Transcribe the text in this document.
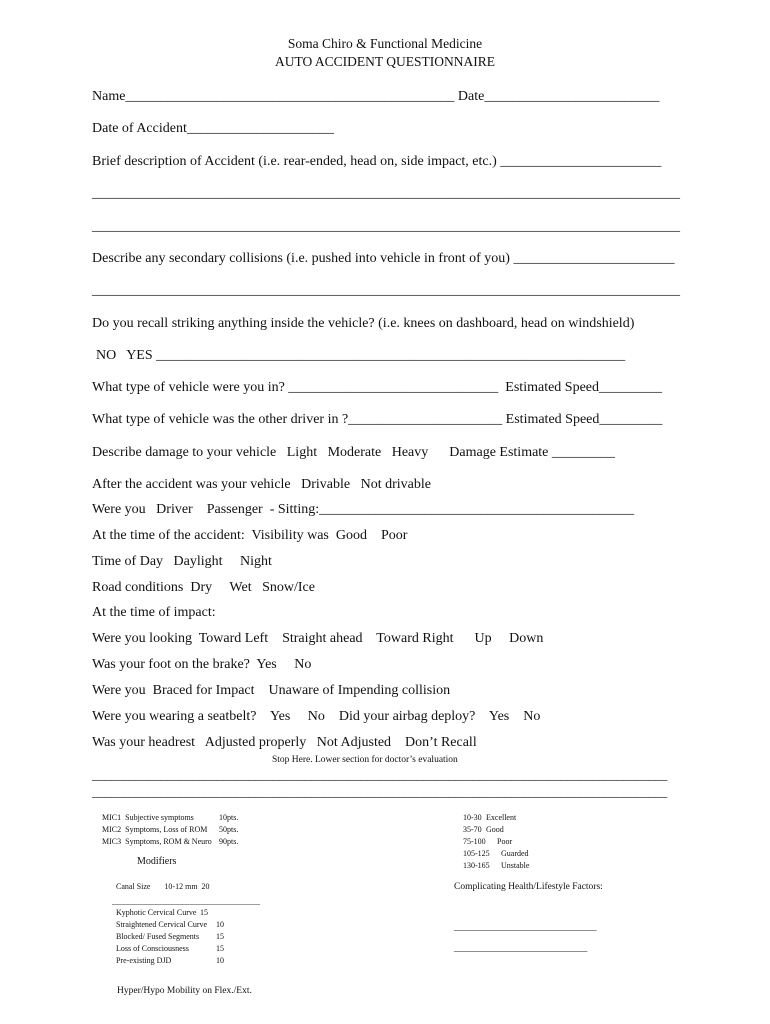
Soma Chiro & Functional Medicine
AUTO ACCIDENT QUESTIONNAIRE
Name_______________________________________________ Date_________________________
Date of Accident_____________________
Brief description of Accident (i.e. rear-ended, head on, side impact, etc.) _______________________
____________________________________________________________________________________
____________________________________________________________________________________
Describe any secondary collisions (i.e. pushed into vehicle in front of you) _______________________
____________________________________________________________________________________
Do you recall striking anything inside the vehicle? (i.e. knees on dashboard, head on windshield)
NO   YES ___________________________________________________________________
What type of vehicle were you in? ______________________________  Estimated Speed_________
What type of vehicle was the other driver in ?______________________ Estimated Speed_________
Describe damage to your vehicle   Light   Moderate   Heavy      Damage Estimate _________
After the accident was your vehicle   Drivable   Not drivable
Were you   Driver    Passenger  - Sitting:_____________________________________________
At the time of the accident:  Visibility was  Good    Poor
Time of Day   Daylight     Night
Road conditions  Dry     Wet   Snow/Ice
At the time of impact:
Were you looking  Toward Left    Straight ahead    Toward Right      Up     Down
Was your foot on the brake?  Yes     No
Were you  Braced for Impact    Unaware of Impending collision
Were you wearing a seatbelt?    Yes     No    Did your airbag deploy?    Yes    No
Was your headrest   Adjusted properly   Not Adjusted    Don’t Recall
Stop Here. Lower section for doctor’s evaluation
____________________________________________________________________________________________
____________________________________________________________________________________________
MIC1  Subjective symptoms	10pts.
MIC2  Symptoms, Loss of ROM 50pts.
MIC3  Symptoms, ROM & Neuro 90pts.
10-30 Excellent
35-70 Good
75-100 Poor
105-125 Guarded
130-165 Unstable
Modifiers
Canal Size       10-12 mm  20
_____________________________________
Kyphotic Cervical Curve 15
Straightened Cervical Curve 10
Blocked/ Fused Segments 15
Loss of Consciousness	15
Pre-existing DJD	10
Complicating Health/Lifestyle Factors:
______________________________
________________________________
Hyper/Hypo Mobility on Flex./Ext.
